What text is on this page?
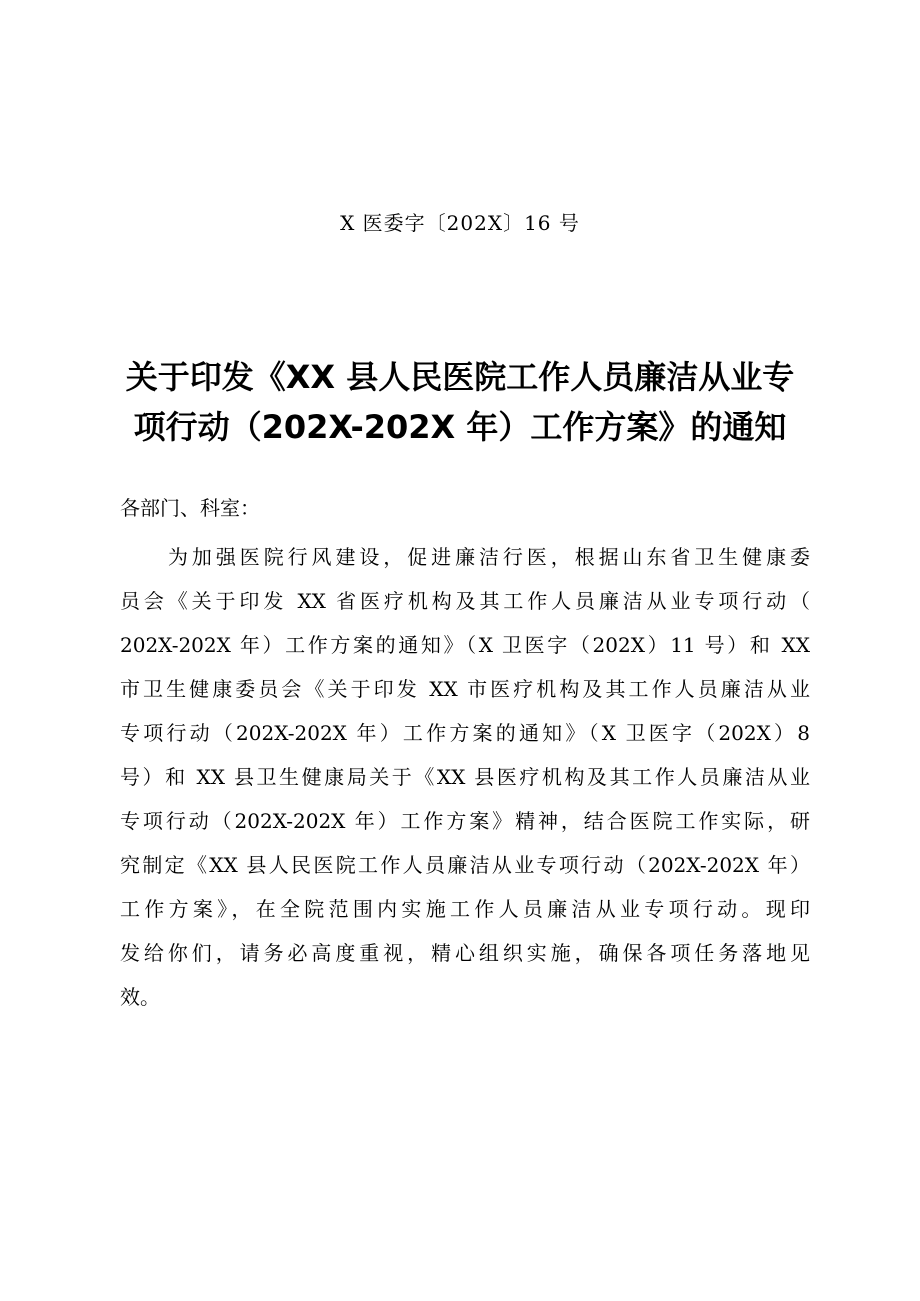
X 医委字〔202X〕16 号
关于印发《XX 县人民医院工作人员廉洁从业专
项行动（202X-202X 年）工作方案》的通知
各部门、科室：
为加强医院行风建设，促进廉洁行医，根据山东省卫生健康委
员会《关于印发 XX 省医疗机构及其工作人员廉洁从业专项行动（
202X-202X 年）工作方案的通知》（X 卫医字（202X）11 号）和 XX
市卫生健康委员会《关于印发 XX 市医疗机构及其工作人员廉洁从业
专项行动（202X-202X 年）工作方案的通知》（X 卫医字（202X）8
号）和 XX 县卫生健康局关于《XX 县医疗机构及其工作人员廉洁从业
专项行动（202X-202X 年）工作方案》精神，结合医院工作实际，研
究制定《XX 县人民医院工作人员廉洁从业专项行动（202X-202X 年）
工作方案》，在全院范围内实施工作人员廉洁从业专项行动。现印
发给你们，请务必高度重视，精心组织实施，确保各项任务落地见
效。
